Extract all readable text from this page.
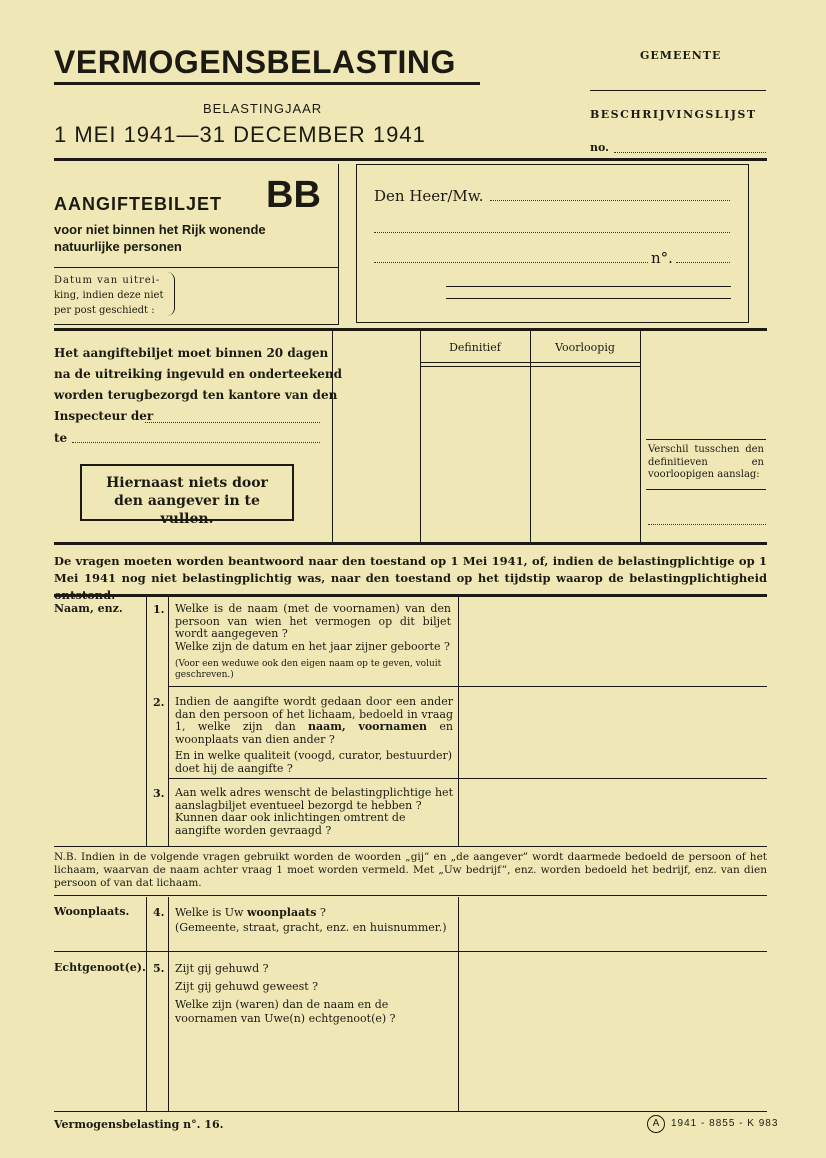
VERMOGENSBELASTING
BELASTINGJAAR
1 MEI 1941—31 DECEMBER 1941
GEMEENTE
BESCHRIJVINGSLIJST
no.
AANGIFTEBILJET BB
voor niet binnen het Rijk wonende
natuurlijke personen
Datum van uitrei-
king, indien deze niet
per post geschiedt :
Den Heer/Mw.
n°.
Het aangiftebiljet moet binnen 20 dagen
na de uitreiking ingevuld en onderteekend
worden terugbezorgd ten kantore van den
Inspecteur der
te
Hiernaast niets door den aangever in te vullen.
Definitief	Voorloopig
Verschil tusschen den definitieven en voorloopigen aanslag:
De vragen moeten worden beantwoord naar den toestand op 1 Mei 1941, of, indien de belastingplichtige op 1 Mei 1941 nog niet belastingplichtig was, naar den toestand op het tijdstip waarop de belastingplichtigheid ontstond.
Naam, enz.	1. Welke is de naam (met de voornamen) van den persoon van wien het vermogen op dit biljet wordt aangegeven ?

Welke zijn de datum en het jaar zijner geboorte ?

(Voor een weduwe ook den eigen naam op te geven, voluit geschreven.)

2. Indien de aangifte wordt gedaan door een ander dan den persoon of het lichaam, bedoeld in vraag 1, welke zijn dan naam, voornamen en woonplaats van dien ander ?

En in welke qualiteit (voogd, curator, bestuurder) doet hij de aangifte ?

3. Aan welk adres wenscht de belastingplichtige het aanslagbiljet eventueel bezorgd te hebben ?

Kunnen daar ook inlichtingen omtrent de aangifte worden gevraagd ?

N.B. Indien in de volgende vragen gebruikt worden de woorden „gij” en „de aangever” wordt daarmede bedoeld de persoon of het lichaam, waarvan de naam achter vraag 1 moet worden vermeld. Met „Uw bedrijf”, enz. worden bedoeld het bedrijf, enz. van dien persoon of van dat lichaam.
Woonplaats. 4. Welke is Uw woonplaats ?

(Gemeente, straat, gracht, enz. en huisnummer.)

Echtgenoot(e). 5. Zijt gij gehuwd ?

Zijt gij gehuwd geweest ?

Welke zijn (waren) dan de naam en de voornamen van Uwe(n) echtgenoot(e) ?

Vermogensbelasting n°. 16.	A	1941 - 8855 - K 983
